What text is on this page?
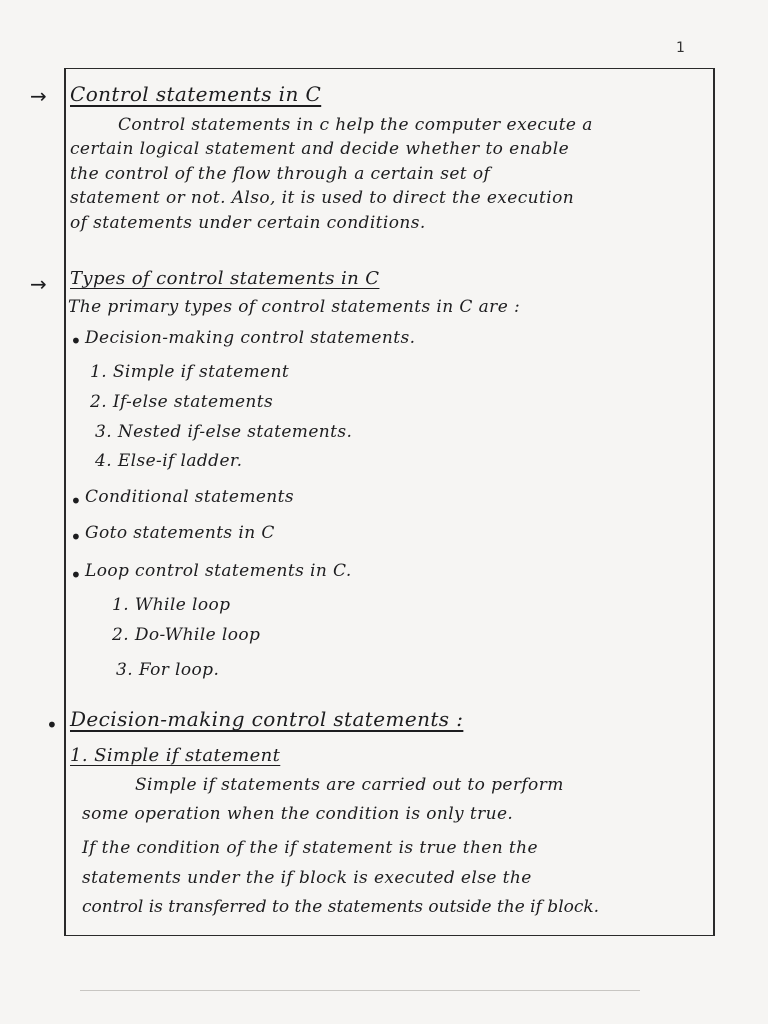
1
→ Control statements in C
Control statements in c help the computer execute a
certain logical statement and decide whether to enable
the control of the flow through a certain set of
statement or not. Also, it is used to direct the execution
of statements under certain conditions.
→ Types of control statements in C
The primary types of control statements in C are :
• Decision-making control statements.
1. Simple if statement
2. If-else statements
3. Nested if-else statements.
4. Else-if ladder.
• Conditional statements
• Goto statements in C
• Loop control statements in C.
1. While loop
2. Do-While loop
3. For loop.
• Decision-making control statements :
1. Simple if statement
Simple if statements are carried out to perform
some operation when the condition is only true.
If the condition of the if statement is true then the
statements under the if block is executed else the
control is transferred to the statements outside the if block.
